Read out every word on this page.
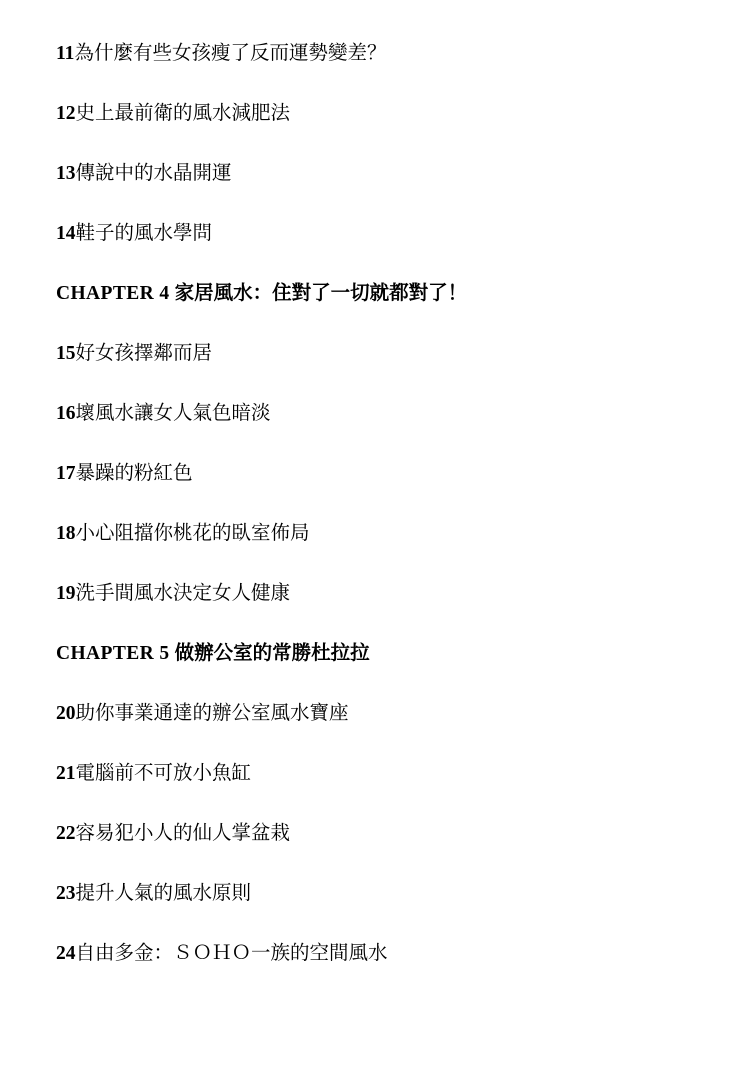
11為什麼有些女孩瘦了反而運勢變差？
12史上最前衛的風水減肥法
13傳說中的水晶開運
14鞋子的風水學問
CHAPTER 4 家居風水：住對了一切就都對了！
15好女孩擇鄰而居
16壞風水讓女人氣色暗淡
17暴躁的粉紅色
18小心阻擋你桃花的臥室佈局
19洗手間風水決定女人健康
CHAPTER 5 做辦公室的常勝杜拉拉
20助你事業通達的辦公室風水寶座
21電腦前不可放小魚缸
22容易犯小人的仙人掌盆栽
23提升人氣的風水原則
24自由多金：ＳＯＨＯ一族的空間風水
